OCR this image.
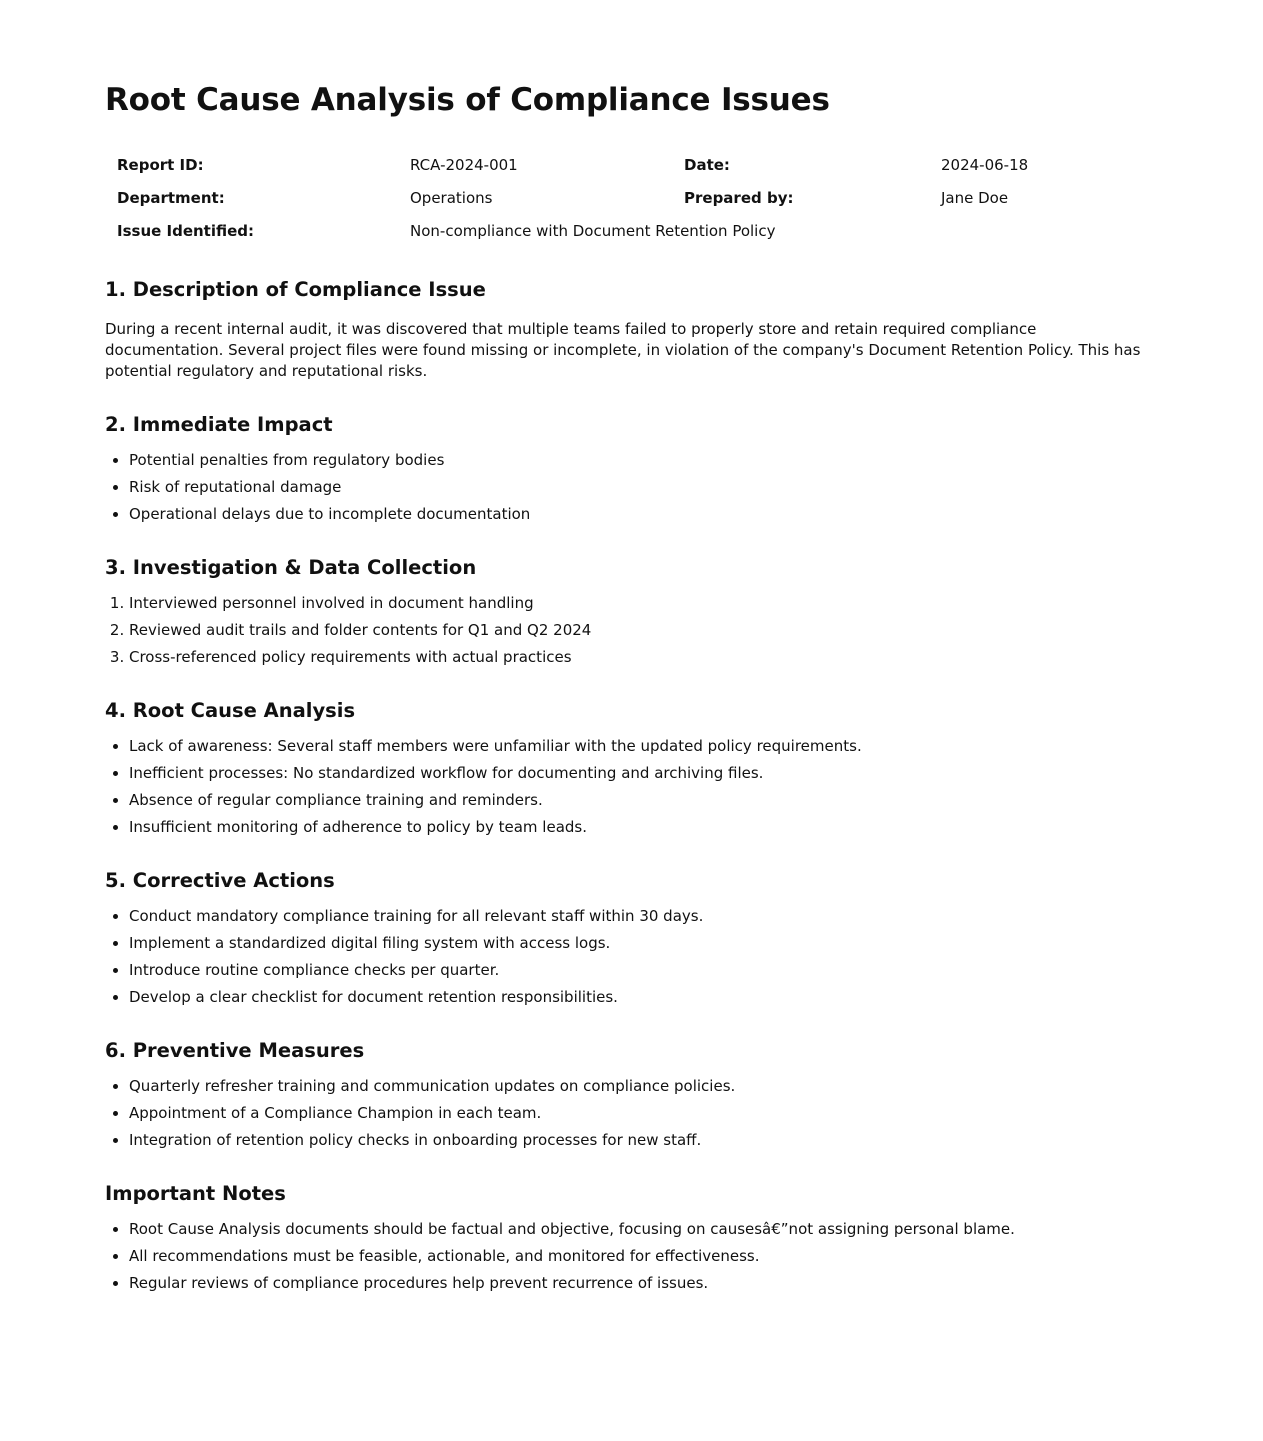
Root Cause Analysis of Compliance Issues
Report ID:	RCA-2024-001	Date:	2024-06-18
Department:	Operations	Prepared by:	Jane Doe
Issue Identified:	Non-compliance with Document Retention Policy		
1. Description of Compliance Issue

During a recent internal audit, it was discovered that multiple teams failed to properly store and retain required compliance documentation. Several project files were found missing or incomplete, in violation of the company's Document Retention Policy. This has potential regulatory and reputational risks.

2. Immediate Impact
• Potential penalties from regulatory bodies
• Risk of reputational damage
• Operational delays due to incomplete documentation
3. Investigation & Data Collection
1. Interviewed personnel involved in document handling
2. Reviewed audit trails and folder contents for Q1 and Q2 2024
3. Cross-referenced policy requirements with actual practices
4. Root Cause Analysis
• Lack of awareness: Several staff members were unfamiliar with the updated policy requirements.
• Inefficient processes: No standardized workflow for documenting and archiving files.
• Absence of regular compliance training and reminders.
• Insufficient monitoring of adherence to policy by team leads.
5. Corrective Actions
• Conduct mandatory compliance training for all relevant staff within 30 days.
• Implement a standardized digital filing system with access logs.
• Introduce routine compliance checks per quarter.
• Develop a clear checklist for document retention responsibilities.
6. Preventive Measures
• Quarterly refresher training and communication updates on compliance policies.
• Appointment of a Compliance Champion in each team.
• Integration of retention policy checks in onboarding processes for new staff.
Important Notes
• Root Cause Analysis documents should be factual and objective, focusing on causesâ€”not assigning personal blame.
• All recommendations must be feasible, actionable, and monitored for effectiveness.
• Regular reviews of compliance procedures help prevent recurrence of issues.
